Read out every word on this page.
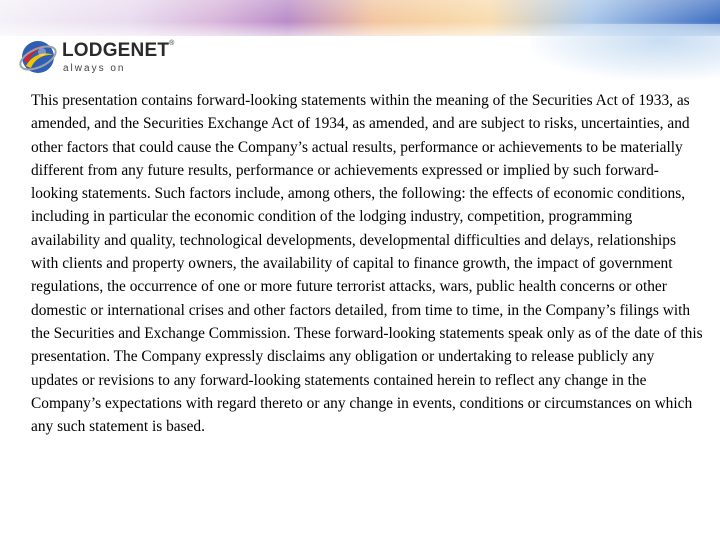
LODGENET®
always on

This presentation contains forward-looking statements within the meaning of the Securities Act of 1933, as amended, and the Securities Exchange Act of 1934, as amended, and are subject to risks, uncertainties, and other factors that could cause the Company’s actual results, performance or achievements to be materially different from any future results, performance or achievements expressed or implied by such forward-looking statements. Such factors include, among others, the following: the effects of economic conditions, including in particular the economic condition of the lodging industry, competition, programming availability and quality, technological developments, developmental difficulties and delays, relationships with clients and property owners, the availability of capital to finance growth, the impact of government regulations, the occurrence of one or more future terrorist attacks, wars, public health concerns or other domestic or international crises and other factors detailed, from time to time, in the Company’s filings with the Securities and Exchange Commission. These forward-looking statements speak only as of the date of this presentation. The Company expressly disclaims any obligation or undertaking to release publicly any updates or revisions to any forward-looking statements contained herein to reflect any change in the Company’s expectations with regard thereto or any change in events, conditions or circumstances on which any such statement is based.
